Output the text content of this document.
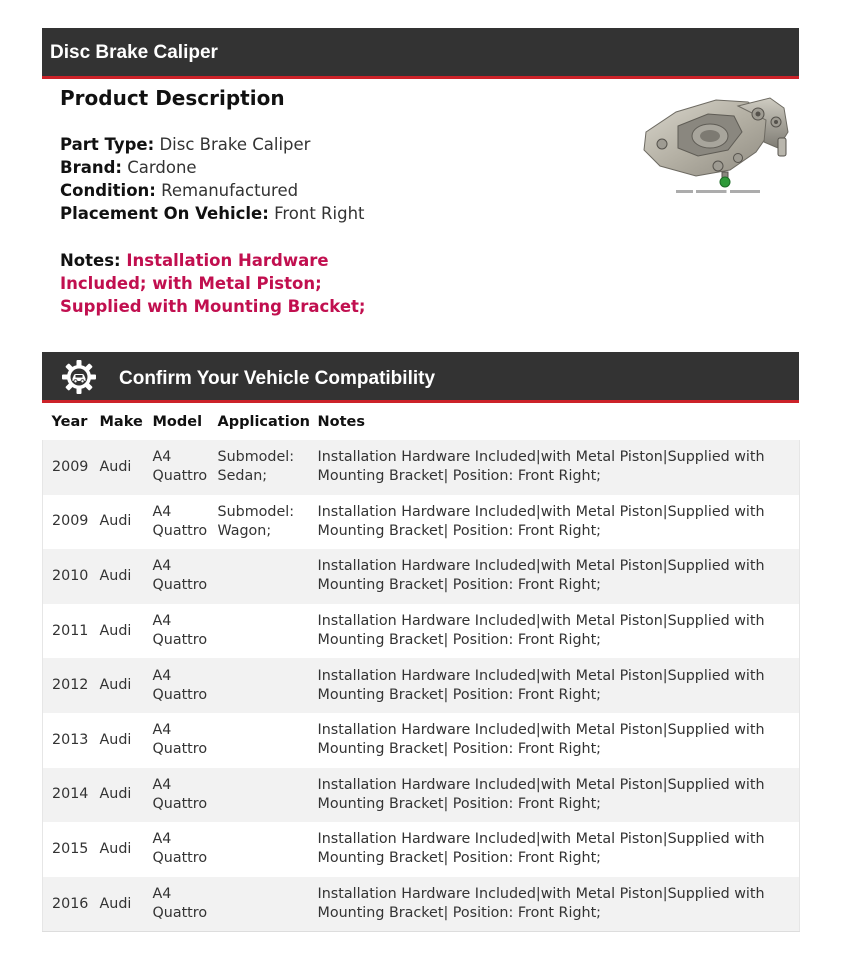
Disc Brake Caliper
Product Description
Part Type: Disc Brake Caliper
Brand: Cardone
Condition: Remanufactured
Placement On Vehicle: Front Right
Notes: Installation Hardware Included; with Metal Piston; Supplied with Mounting Bracket;
Confirm Your Vehicle Compatibility
Year	Make	Model	Application	Notes
2009	Audi	A4 Quattro	Submodel: Sedan;	Installation Hardware Included|with Metal Piston|Supplied with Mounting Bracket| Position: Front Right;
2009	Audi	A4 Quattro	Submodel: Wagon;	Installation Hardware Included|with Metal Piston|Supplied with Mounting Bracket| Position: Front Right;
2010	Audi	A4 Quattro		Installation Hardware Included|with Metal Piston|Supplied with Mounting Bracket| Position: Front Right;
2011	Audi	A4 Quattro		Installation Hardware Included|with Metal Piston|Supplied with Mounting Bracket| Position: Front Right;
2012	Audi	A4 Quattro		Installation Hardware Included|with Metal Piston|Supplied with Mounting Bracket| Position: Front Right;
2013	Audi	A4 Quattro		Installation Hardware Included|with Metal Piston|Supplied with Mounting Bracket| Position: Front Right;
2014	Audi	A4 Quattro		Installation Hardware Included|with Metal Piston|Supplied with Mounting Bracket| Position: Front Right;
2015	Audi	A4 Quattro		Installation Hardware Included|with Metal Piston|Supplied with Mounting Bracket| Position: Front Right;
2016	Audi	A4 Quattro		Installation Hardware Included|with Metal Piston|Supplied with Mounting Bracket| Position: Front Right;
